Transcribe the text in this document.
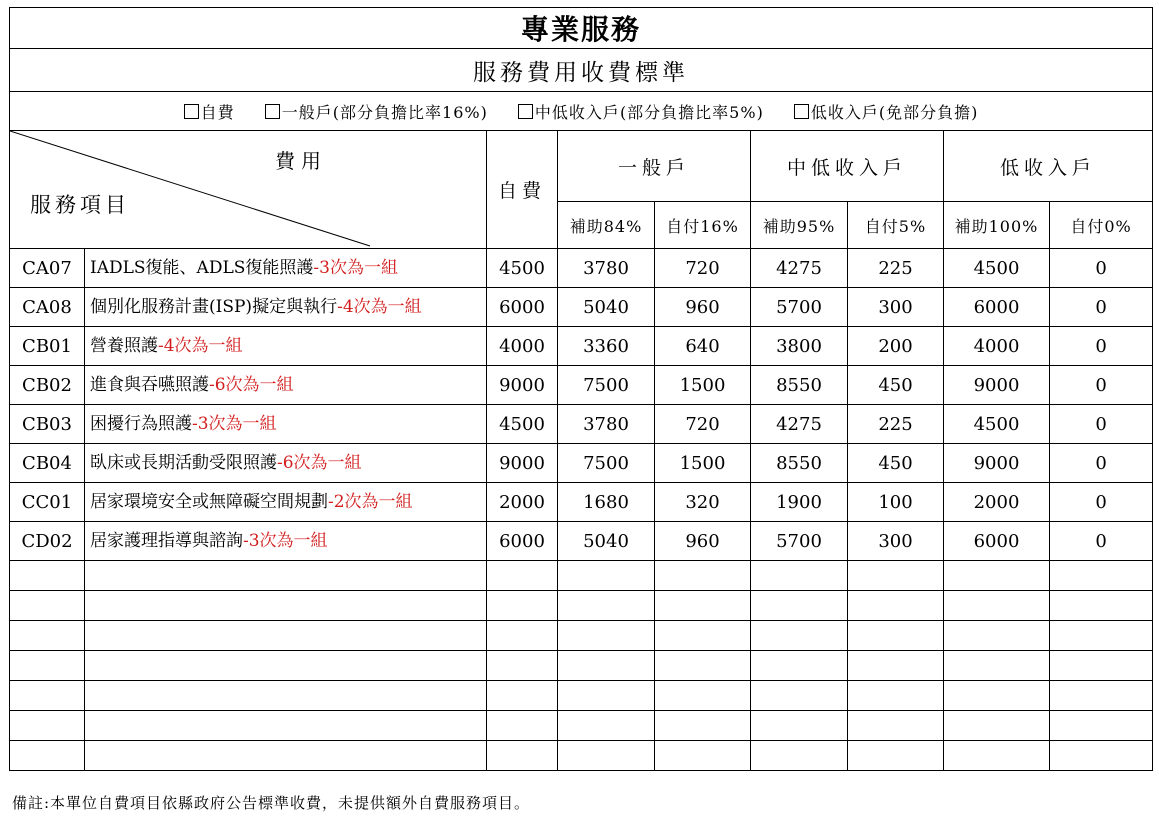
專業服務								
服務費用收費標準								
自費 一般戶(部分負擔比率16%) 中低收入戶(部分負擔比率5%) 低收入戶(免部分負擔)								

費用
服務項目		自費	一般戶		中低收入戶		低收入戶	
			補助84%	自付16%	補助95%	自付5%	補助100%	自付0%
CA07	IADLS復能、ADLS復能照護-3次為一組	4500	3780	720	4275	225	4500	0
CA08	個別化服務計畫(ISP)擬定與執行-4次為一組	6000	5040	960	5700	300	6000	0
CB01	營養照護-4次為一組	4000	3360	640	3800	200	4000	0
CB02	進食與吞嚥照護-6次為一組	9000	7500	1500	8550	450	9000	0
CB03	困擾行為照護-3次為一組	4500	3780	720	4275	225	4500	0
CB04	臥床或長期活動受限照護-6次為一組	9000	7500	1500	8550	450	9000	0
CC01	居家環境安全或無障礙空間規劃-2次為一組	2000	1680	320	1900	100	2000	0
CD02	居家護理指導與諮詢-3次為一組	6000	5040	960	5700	300	6000	0

備註:本單位自費項目依縣政府公告標準收費，未提供額外自費服務項目。
